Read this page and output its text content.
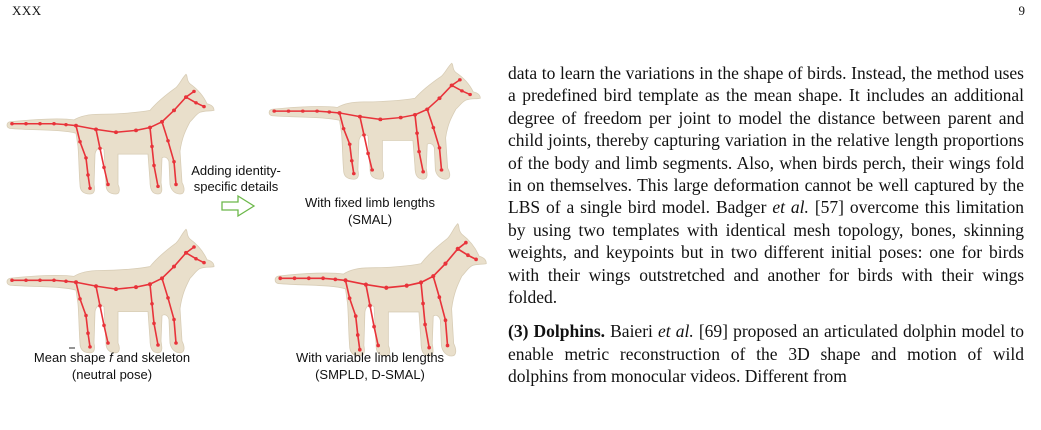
XXX	9
Adding identity-
specific details
With fixed limb lengths
(SMAL)
Mean shape f and skeleton
(neutral pose)
With variable limb lengths
(SMPLD, D-SMAL)

data to learn the variations in the shape of birds. Instead, the method uses a predefined bird template as the mean shape. It includes an additional degree of freedom per joint to model the distance between parent and child joints, thereby capturing variation in the relative length proportions of the body and limb segments. Also, when birds perch, their wings fold in on themselves. This large deformation cannot be well captured by the LBS of a single bird model. Badger et al. [57] overcome this limitation by using two templates with identical mesh topology, bones, skinning weights, and keypoints but in two different initial poses: one for birds with their wings outstretched and another for birds with their wings folded.

(3) Dolphins. Baieri et al. [69] proposed an articulated dolphin model to enable metric reconstruction of the 3D shape and motion of wild dolphins from monocular videos. Different from
